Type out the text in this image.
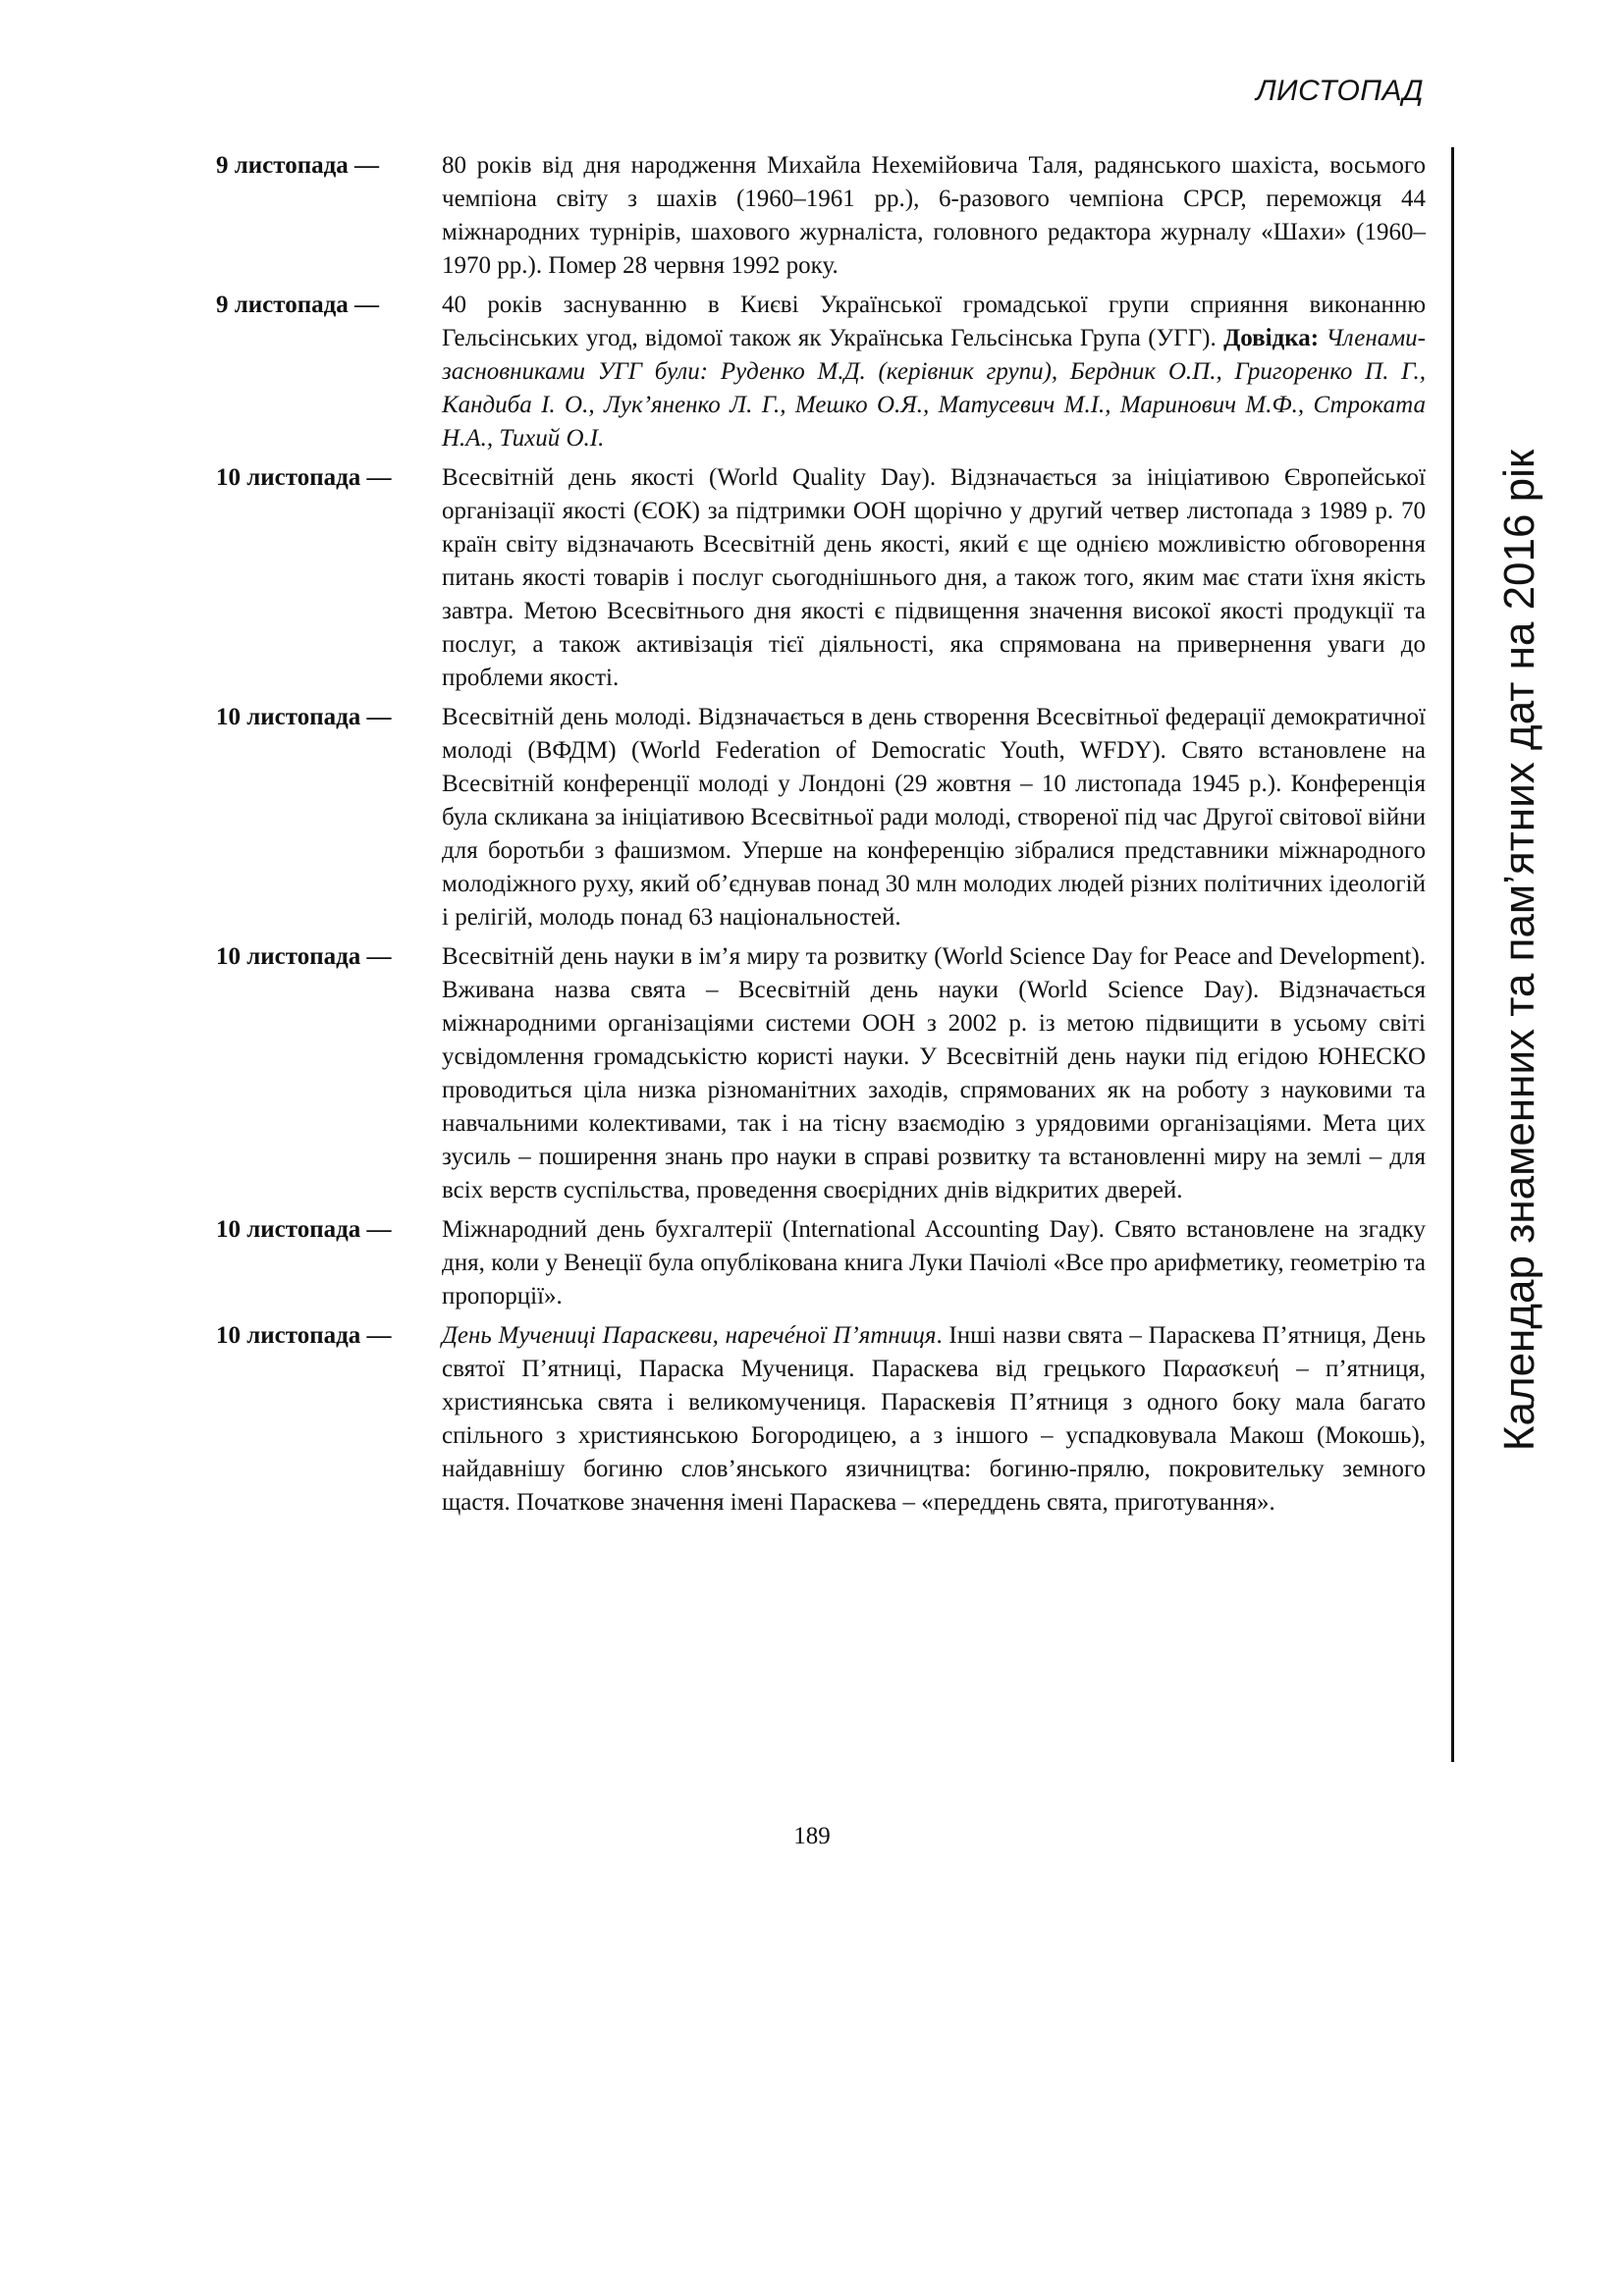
ЛИСТОПАД
Календар знаменних та пам’ятних дат на 2016 рік
9 листопада —	80 років від дня народження Михайла Нехемійовича Таля, радянського шахіста, восьмого чемпіона світу з шахів (1960–1961 рр.), 6-разового чемпіона СРСР, переможця 44 міжнародних турнірів, шахового журналіста, головного редактора журналу «Шахи» (1960–1970 рр.). Помер 28 червня 1992 року.
9 листопада —	40 років заснуванню в Києві Української громадської групи сприяння виконанню Гельсінських угод, відомої також як Українська Гельсінська Група (УГГ). Довідка: Членами-засновниками УГГ були: Руденко М.Д. (керівник групи), Бердник О.П., Григоренко П. Г., Кандиба І. О., Лук’яненко Л. Г., Мешко О.Я., Матусевич М.І., Маринович М.Ф., Строката Н.А., Тихий О.І.
10 листопада — Всесвітній день якості (World Quality Day). Відзначається за ініціативою Європейської організації якості (ЄОК) за підтримки ООН щорічно у другий четвер листопада з 1989 р. 70 країн світу відзначають Всесвітній день якості, який є ще однією можливістю обговорення питань якості товарів і послуг сьогоднішнього дня, а також того, яким має стати їхня якість завтра. Метою Всесвітнього дня якості є підвищення значення високої якості продукції та послуг, а також активізація тієї діяльності, яка спрямована на привернення уваги до проблеми якості.
10 листопада — Всесвітній день молоді. Відзначається в день створення Всесвітньої федерації демократичної молоді (ВФДМ) (World Federation of Democratic Youth, WFDY). Свято встановлене на Всесвітній конференції молоді у Лондоні (29 жовтня – 10 листопада 1945 р.). Конференція була скликана за ініціативою Всесвітньої ради молоді, створеної під час Другої світової війни для боротьби з фашизмом. Уперше на конференцію зібралися представники міжнародного молодіжного руху, який об’єднував понад 30 млн молодих людей різних політичних ідеологій і релігій, молодь понад 63 національностей.
10 листопада — Всесвітній день науки в ім’я миру та розвитку (World Science Day for Peace and Development). Вживана назва свята – Всесвітній день науки (World Science Day). Відзначається міжнародними організаціями системи ООН з 2002 р. із метою підвищити в усьому світі усвідомлення громадськістю користі науки. У Всесвітній день науки під егідою ЮНЕСКО проводиться ціла низка різноманітних заходів, спрямованих як на роботу з науковими та навчальними колективами, так і на тісну взаємодію з урядовими організаціями. Мета цих зусиль – поширення знань про науки в справі розвитку та встановленні миру на землі – для всіх верств суспільства, проведення своєрідних днів відкритих дверей.
10 листопада — Міжнародний день бухгалтерії (International Accounting Day). Свято встановлене на згадку дня, коли у Венеції була опублікована книга Луки Пачіолі «Все про арифметику, геометрію та пропорції».
10 листопада — День Мучениці Параскеви, наречéної П’ятниця. Інші назви свята – Параскева П’ятниця, День святої П’ятниці, Параска Мучениця. Параскева від грецького Παρασκευή – п’ятниця, християнська свята і великомучениця. Параскевія П’ятниця з одного боку мала багато спільного з християнською Богородицею, а з іншого – успадковувала Макош (Мокошь), найдавнішу богиню слов’янського язичництва: богиню-прялю, покровительку земного щастя. Початкове значення імені Параскева – «переддень свята, приготування».
189
